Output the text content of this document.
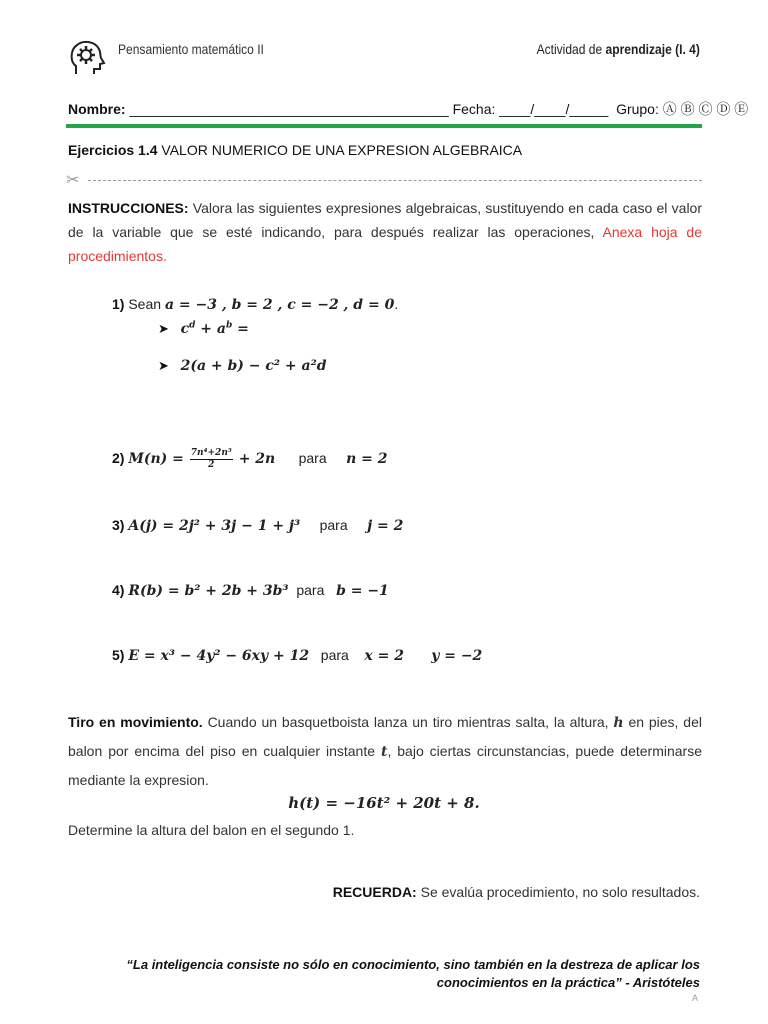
Pensamiento matemático II	Actividad de aprendizaje (I. 4)
Nombre: _________________________________________ Fecha: ____/____/_____ Grupo: Ⓐ Ⓑ Ⓒ Ⓓ Ⓔ
Ejercicios 1.4 VALOR NUMERICO DE UNA EXPRESION ALGEBRAICA
✂
INSTRUCCIONES: Valora las siguientes expresiones algebraicas, sustituyendo en cada caso el valor de la variable que se esté indicando, para después realizar las operaciones, Anexa hoja de procedimientos.
1) Sean a = −3 , b = 2 , c = −2 , d = 0.
➤ $c^d + a^b$ =
➤ 2(a + b) − c² + a²d
2) $M(n) = \frac{\text{7n⁴+2n⁵}}{2} + 2n$ para n = 2
3) A(j) = 2j² + 3j − 1 + j³ para j = 2
4) R(b) = b² + 2b + 3b³ para b = −1
5) E = x³ − 4y² − 6xy + 12 para x = 2 y = −2
Tiro en movimiento. Cuando un basquetboista lanza un tiro mientras salta, la altura, h en pies, del balon por encima del piso en cualquier instante t, bajo ciertas circunstancias, puede determinarse mediante la expresion.
h(t) = −16t² + 20t + 8.
Determine la altura del balon en el segundo 1.
RECUERDA: Se evalúa procedimiento, no solo resultados.
“La inteligencia consiste no sólo en conocimiento, sino también en la destreza de aplicar los conocimientos en la práctica” - Aristóteles
A
